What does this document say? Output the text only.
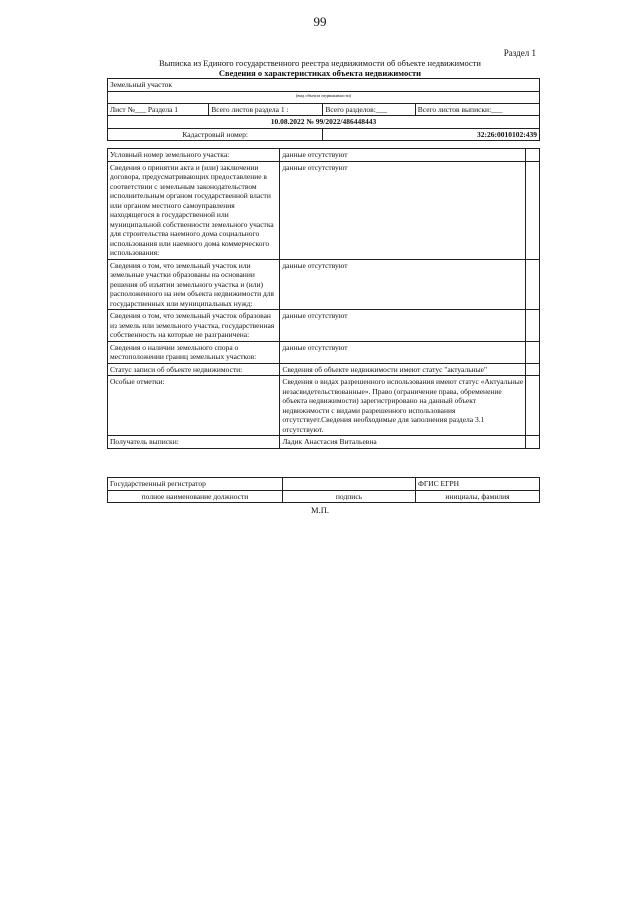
99
Раздел 1
Выписка из Единого государственного реестра недвижимости об объекте недвижимости
Сведения о характеристиках объекта недвижимости
Земельный участок			
(вид объекта недвижимости)			
Лист №___ Раздела 1	Всего листов раздела 1 :	Всего разделов:___	Всего листов выписки:___
10.08.2022 № 99/2022/486448443			
Кадастровый номер:		32:26:0010102:439	
Условный номер земельного участка:	данные отсутствуют	
Сведения о принятии акта и (или) заключении договора, предусматривающих предоставление в соответствии с земельным законодательством исполнительным органом государственной власти или органом местного самоуправления находящегося в государственной или муниципальной собственности земельного участка для строительства наемного дома социального использования или наемного дома коммерческого использования:	данные отсутствуют	
Сведения о том, что земельный участок или земельные участки образованы на основании решения об изъятии земельного участка и (или) расположенного на нем объекта недвижимости для государственных или муниципальных нужд:	данные отсутствуют	
Сведения о том, что земельный участок образован из земель или земельного участка, государственная собственность на которые не разграничена:	данные отсутствуют	
Сведения о наличии земельного спора о местоположении границ земельных участков:	данные отсутствуют	
Статус записи об объекте недвижимости:	Сведения об объекте недвижимости имеют статус "актуальные"	
Особые отметки:	Сведения о видах разрешенного использования имеют статус «Актуальные незасвидетельствованные». Право (ограничение права, обременение объекта недвижимости) зарегистрировано на данный объект недвижимости с видами разрешенного использования отсутствует.Сведения необходимые для заполнения раздела 3.1 отсутствуют.	
Получатель выписки:	Ладик Анастасия Витальевна	
Государственный регистратор		ФГИС ЕГРН
полное наименование должности	подпись	инициалы, фамилия
М.П.
